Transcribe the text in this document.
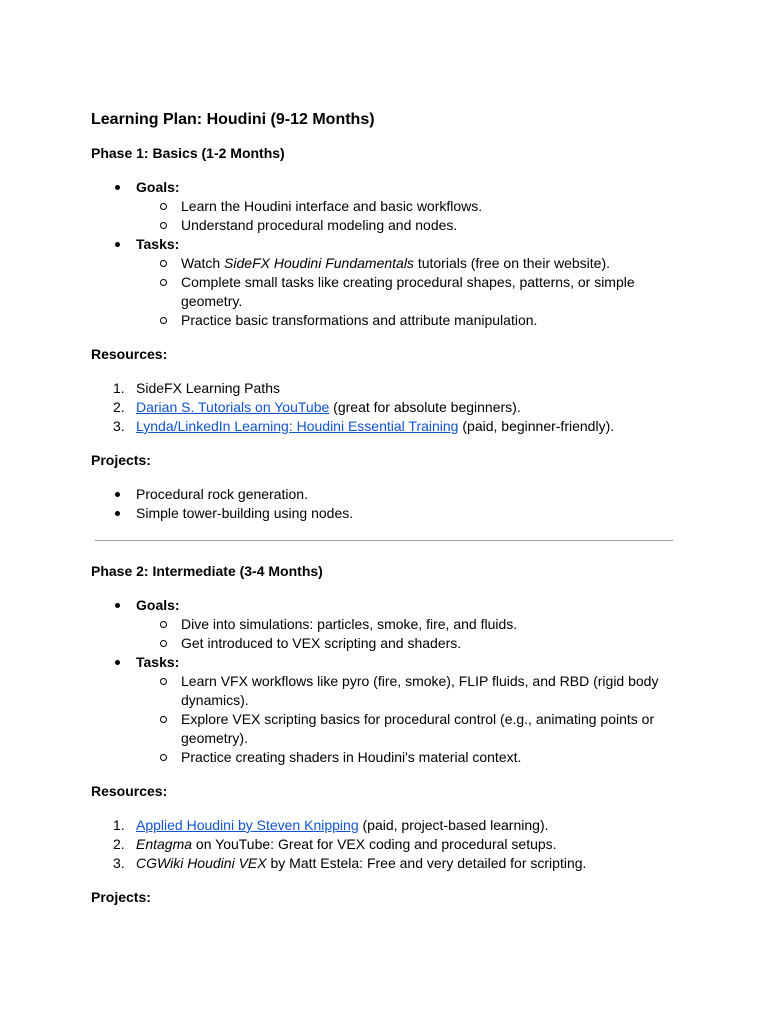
Learning Plan: Houdini (9-12 Months)
Phase 1: Basics (1-2 Months)
Goals:
Learn the Houdini interface and basic workflows.
Understand procedural modeling and nodes.
Tasks:
Watch SideFX Houdini Fundamentals tutorials (free on their website).
Complete small tasks like creating procedural shapes, patterns, or simple geometry.
Practice basic transformations and attribute manipulation.
Resources:
1. SideFX Learning Paths
2. Darian S. Tutorials on YouTube (great for absolute beginners).
3. Lynda/LinkedIn Learning: Houdini Essential Training (paid, beginner-friendly).
Projects:
Procedural rock generation.
Simple tower-building using nodes.
Phase 2: Intermediate (3-4 Months)
Goals:
Dive into simulations: particles, smoke, fire, and fluids.
Get introduced to VEX scripting and shaders.
Tasks:
Learn VFX workflows like pyro (fire, smoke), FLIP fluids, and RBD (rigid body dynamics).
Explore VEX scripting basics for procedural control (e.g., animating points or geometry).
Practice creating shaders in Houdini's material context.
Resources:
1. Applied Houdini by Steven Knipping (paid, project-based learning).
2. Entagma on YouTube: Great for VEX coding and procedural setups.
3. CGWiki Houdini VEX by Matt Estela: Free and very detailed for scripting.
Projects:
